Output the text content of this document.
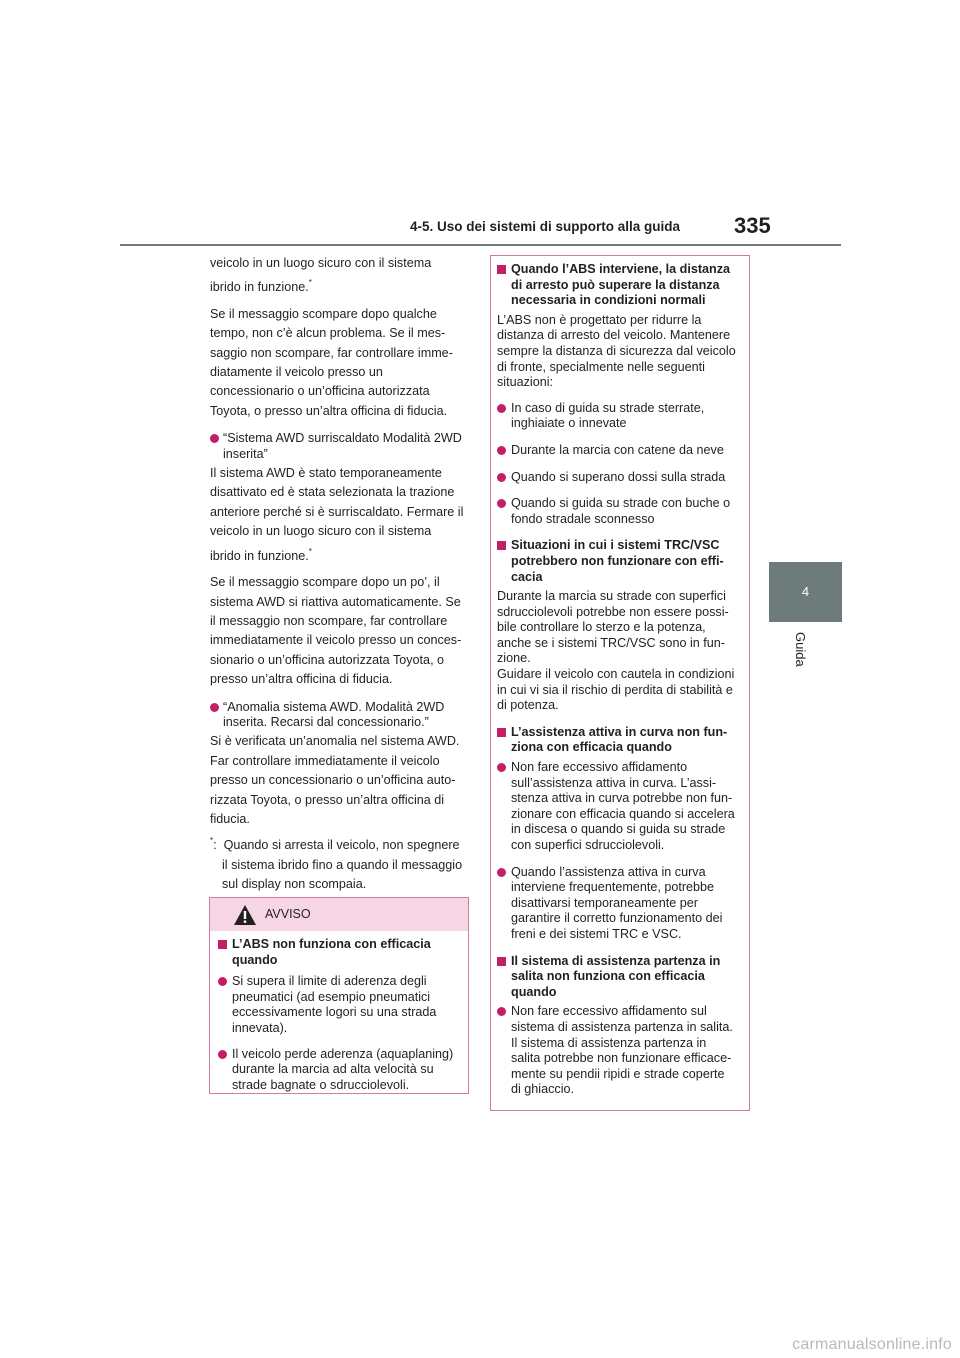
4-5. Uso dei sistemi di supporto alla guida 335
4
Guida

veicolo in un luogo sicuro con il sistema

ibrido in funzione.*

Se il messaggio scompare dopo qualche

tempo, non c’è alcun problema. Se il mes-

saggio non scompare, far controllare imme-

diatamente il veicolo presso un

concessionario o un’officina autorizzata

Toyota, o presso un’altra officina di fiducia.

“Sistema AWD surriscaldato Modalità 2WD
inserita”

Il sistema AWD è stato temporaneamente

disattivato ed è stata selezionata la trazione

anteriore perché si è surriscaldato. Fermare il

veicolo in un luogo sicuro con il sistema

ibrido in funzione.*

Se il messaggio scompare dopo un po’, il

sistema AWD si riattiva automaticamente. Se

il messaggio non scompare, far controllare

immediatamente il veicolo presso un conces-

sionario o un’officina autorizzata Toyota, o

presso un’altra officina di fiducia.

“Anomalia sistema AWD. Modalità 2WD
inserita. Recarsi dal concessionario.”

Si è verificata un’anomalia nel sistema AWD.

Far controllare immediatamente il veicolo

presso un concessionario o un’officina auto-

rizzata Toyota, o presso un’altra officina di

fiducia.

*: Quando si arresta il veicolo, non spegnere

il sistema ibrido fino a quando il messaggio

sul display non scompaia.

AVVISO
L’ABS non funziona con efficacia
quando
Si supera il limite di aderenza degli
pneumatici (ad esempio pneumatici
eccessivamente logori su una strada
innevata).
Il veicolo perde aderenza (aquaplaning)
durante la marcia ad alta velocità su
strade bagnate o sdrucciolevoli.
Quando l’ABS interviene, la distanza
di arresto può superare la distanza
necessaria in condizioni normali
L’ABS non è progettato per ridurre la
distanza di arresto del veicolo. Mantenere
sempre la distanza di sicurezza dal veicolo
di fronte, specialmente nelle seguenti
situazioni:
In caso di guida su strade sterrate,
inghiaiate o innevate
Durante la marcia con catene da neve
Quando si superano dossi sulla strada
Quando si guida su strade con buche o
fondo stradale sconnesso
Situazioni in cui i sistemi TRC/VSC
potrebbero non funzionare con effi-
cacia
Durante la marcia su strade con superfici
sdrucciolevoli potrebbe non essere possi-
bile controllare lo sterzo e la potenza,
anche se i sistemi TRC/VSC sono in fun-
zione.
Guidare il veicolo con cautela in condizioni
in cui vi sia il rischio di perdita di stabilità e
di potenza.
L’assistenza attiva in curva non fun-
ziona con efficacia quando
Non fare eccessivo affidamento
sull’assistenza attiva in curva. L’assi-
stenza attiva in curva potrebbe non fun-
zionare con efficacia quando si accelera
in discesa o quando si guida su strade
con superfici sdrucciolevoli.
Quando l’assistenza attiva in curva
interviene frequentemente, potrebbe
disattivarsi temporaneamente per
garantire il corretto funzionamento dei
freni e dei sistemi TRC e VSC.
Il sistema di assistenza partenza in
salita non funziona con efficacia
quando
Non fare eccessivo affidamento sul
sistema di assistenza partenza in salita.
Il sistema di assistenza partenza in
salita potrebbe non funzionare efficace-
mente su pendii ripidi e strade coperte
di ghiaccio.
carmanualsonline.info
